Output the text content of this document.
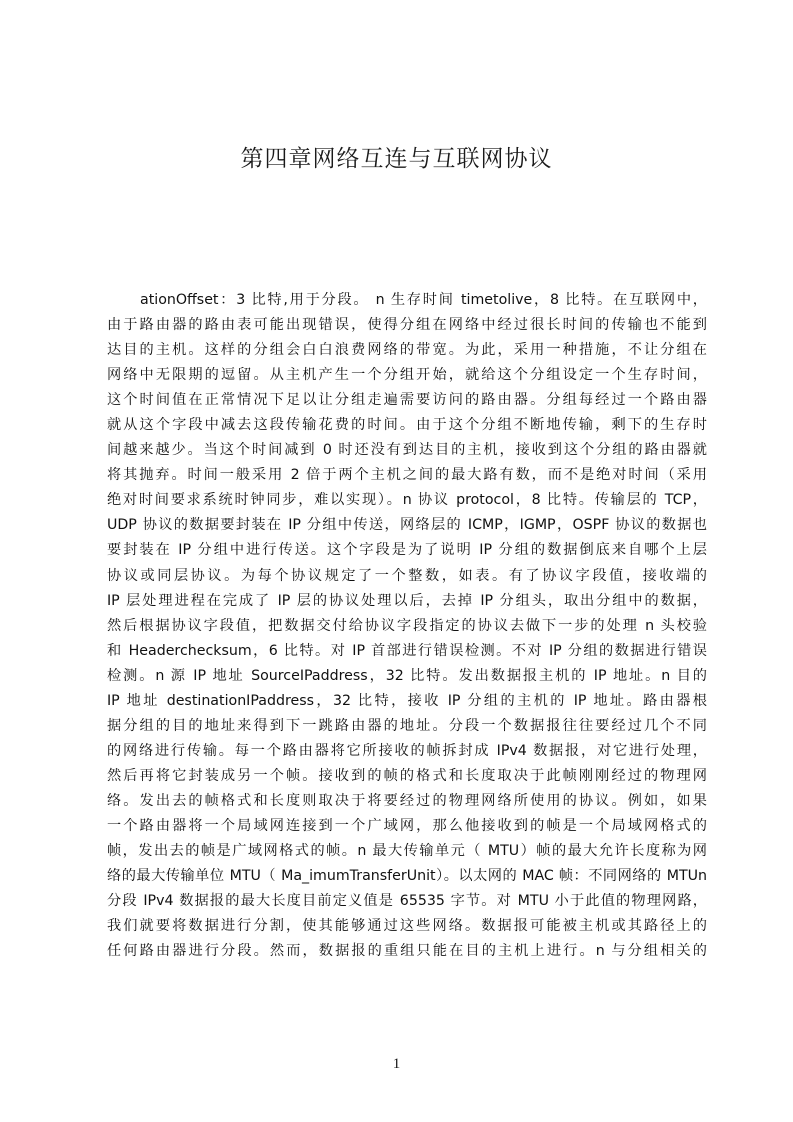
第四章网络互连与互联网协议
ationOffset：3 比特,用于分段。 n 生存时间 timetolive，8 比特。在互联网中，
由于路由器的路由表可能出现错误，使得分组在网络中经过很长时间的传输也不能到
达目的主机。这样的分组会白白浪费网络的带宽。为此，采用一种措施，不让分组在
网络中无限期的逗留。从主机产生一个分组开始，就给这个分组设定一个生存时间，
这个时间值在正常情况下足以让分组走遍需要访问的路由器。分组每经过一个路由器
就从这个字段中减去这段传输花费的时间。由于这个分组不断地传输，剩下的生存时
间越来越少。当这个时间减到 0 时还没有到达目的主机，接收到这个分组的路由器就
将其抛弃。时间一般采用 2 倍于两个主机之间的最大路有数，而不是绝对时间（采用
绝对时间要求系统时钟同步，难以实现）。n 协议 protocol，8 比特。传输层的 TCP，
UDP 协议的数据要封装在 IP 分组中传送，网络层的 ICMP，IGMP，OSPF 协议的数据也
要封装在 IP 分组中进行传送。这个字段是为了说明 IP 分组的数据倒底来自哪个上层
协议或同层协议。为每个协议规定了一个整数，如表。有了协议字段值，接收端的
IP 层处理进程在完成了 IP 层的协议处理以后，去掉 IP 分组头，取出分组中的数据，
然后根据协议字段值，把数据交付给协议字段指定的协议去做下一步的处理 n 头校验
和 Headerchecksum，6 比特。对 IP 首部进行错误检测。不对 IP 分组的数据进行错误
检测。n 源 IP 地址 SourceIPaddress，32 比特。发出数据报主机的 IP 地址。n 目的
IP 地址 destinationIPaddress，32 比特，接收 IP 分组的主机的 IP 地址。路由器根
据分组的目的地址来得到下一跳路由器的地址。分段一个数据报往往要经过几个不同
的网络进行传输。每一个路由器将它所接收的帧拆封成 IPv4 数据报，对它进行处理，
然后再将它封装成另一个帧。接收到的帧的格式和长度取决于此帧刚刚经过的物理网
络。发出去的帧格式和长度则取决于将要经过的物理网络所使用的协议。例如，如果
一个路由器将一个局域网连接到一个广域网，那么他接收到的帧是一个局域网格式的
帧，发出去的帧是广域网格式的帧。n 最大传输单元（ MTU）帧的最大允许长度称为网
络的最大传输单位 MTU（ Ma_imumTransferUnit）。以太网的 MAC 帧：不同网络的 MTUn
分段 IPv4 数据报的最大长度目前定义值是 65535 字节。对 MTU 小于此值的物理网路，
我们就要将数据进行分割，使其能够通过这些网络。数据报可能被主机或其路径上的
任何路由器进行分段。然而，数据报的重组只能在目的主机上进行。n 与分组相关的
1
